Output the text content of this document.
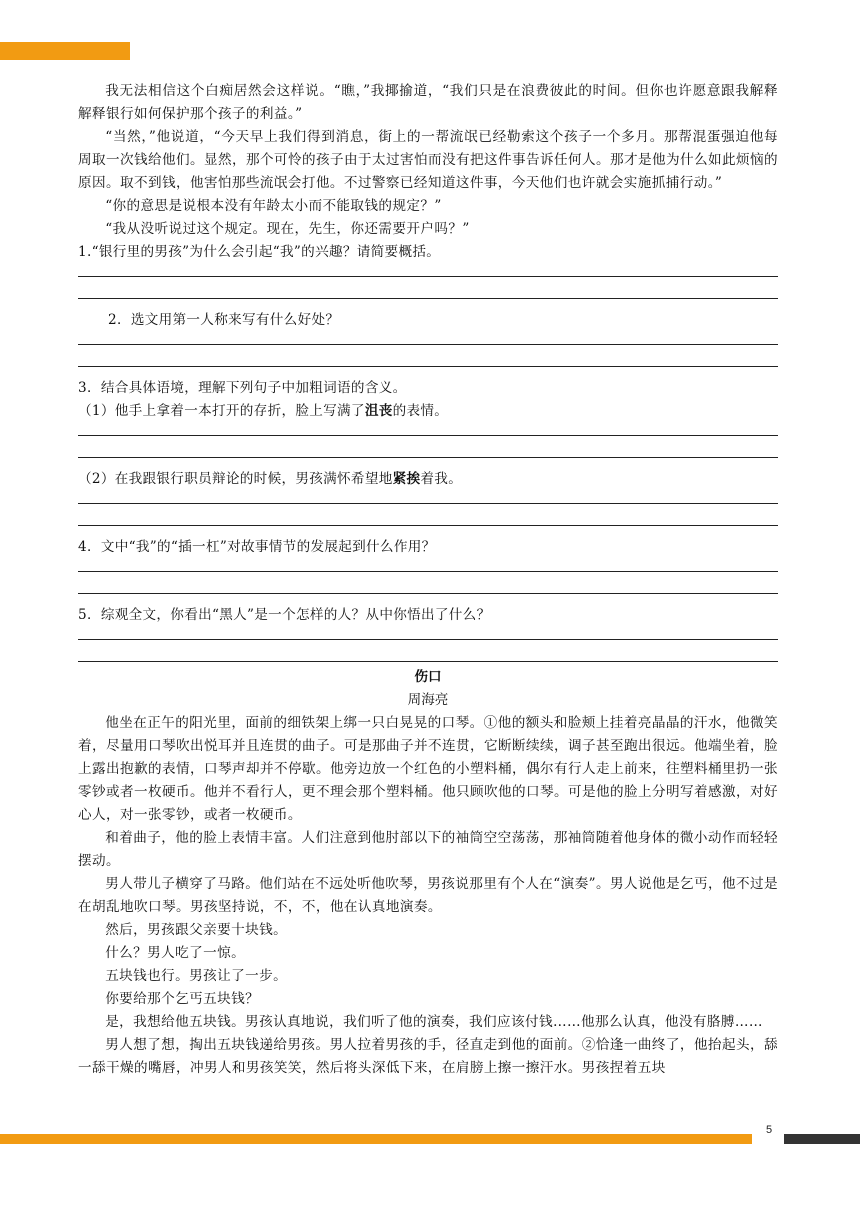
我无法相信这个白痴居然会这样说。“瞧，”我揶揄道，“我们只是在浪费彼此的时间。但你也许愿意跟我解释解释银行如何保护那个孩子的利益。”

“当然，”他说道，“今天早上我们得到消息，街上的一帮流氓已经勒索这个孩子一个多月。那帮混蛋强迫他每周取一次钱给他们。显然，那个可怜的孩子由于太过害怕而没有把这件事告诉任何人。那才是他为什么如此烦恼的原因。取不到钱，他害怕那些流氓会打他。不过警察已经知道这件事，今天他们也许就会实施抓捕行动。”

“你的意思是说根本没有年龄太小而不能取钱的规定？”

“我从没听说过这个规定。现在，先生，你还需要开户吗？”

1.“银行里的男孩”为什么会引起“我”的兴趣？请简要概括。

2．选文用第一人称来写有什么好处？

3．结合具体语境，理解下列句子中加粗词语的含义。

（1）他手上拿着一本打开的存折，脸上写满了沮丧的表情。

（2）在我跟银行职员辩论的时候，男孩满怀希望地紧挨着我。

4．文中“我”的“插一杠”对故事情节的发展起到什么作用？

5．综观全文，你看出“黑人”是一个怎样的人？从中你悟出了什么？

伤口

周海亮

他坐在正午的阳光里，面前的细铁架上绑一只白晃晃的口琴。①他的额头和脸颊上挂着亮晶晶的汗水，他微笑着，尽量用口琴吹出悦耳并且连贯的曲子。可是那曲子并不连贯，它断断续续，调子甚至跑出很远。他端坐着，脸上露出抱歉的表情，口琴声却并不停歇。他旁边放一个红色的小塑料桶，偶尔有行人走上前来，往塑料桶里扔一张零钞或者一枚硬币。他并不看行人，更不理会那个塑料桶。他只顾吹他的口琴。可是他的脸上分明写着感激，对好心人，对一张零钞，或者一枚硬币。

和着曲子，他的脸上表情丰富。人们注意到他肘部以下的袖筒空空荡荡，那袖筒随着他身体的微小动作而轻轻摆动。

男人带儿子横穿了马路。他们站在不远处听他吹琴，男孩说那里有个人在“演奏”。男人说他是乞丐，他不过是在胡乱地吹口琴。男孩坚持说，不，不，他在认真地演奏。

然后，男孩跟父亲要十块钱。

什么？男人吃了一惊。

五块钱也行。男孩让了一步。

你要给那个乞丐五块钱？

是，我想给他五块钱。男孩认真地说，我们听了他的演奏，我们应该付钱……他那么认真，他没有胳膊……

男人想了想，掏出五块钱递给男孩。男人拉着男孩的手，径直走到他的面前。②恰逢一曲终了，他抬起头，舔一舔干燥的嘴唇，冲男人和男孩笑笑，然后将头深低下来，在肩膀上擦一擦汗水。男孩捏着五块

5
